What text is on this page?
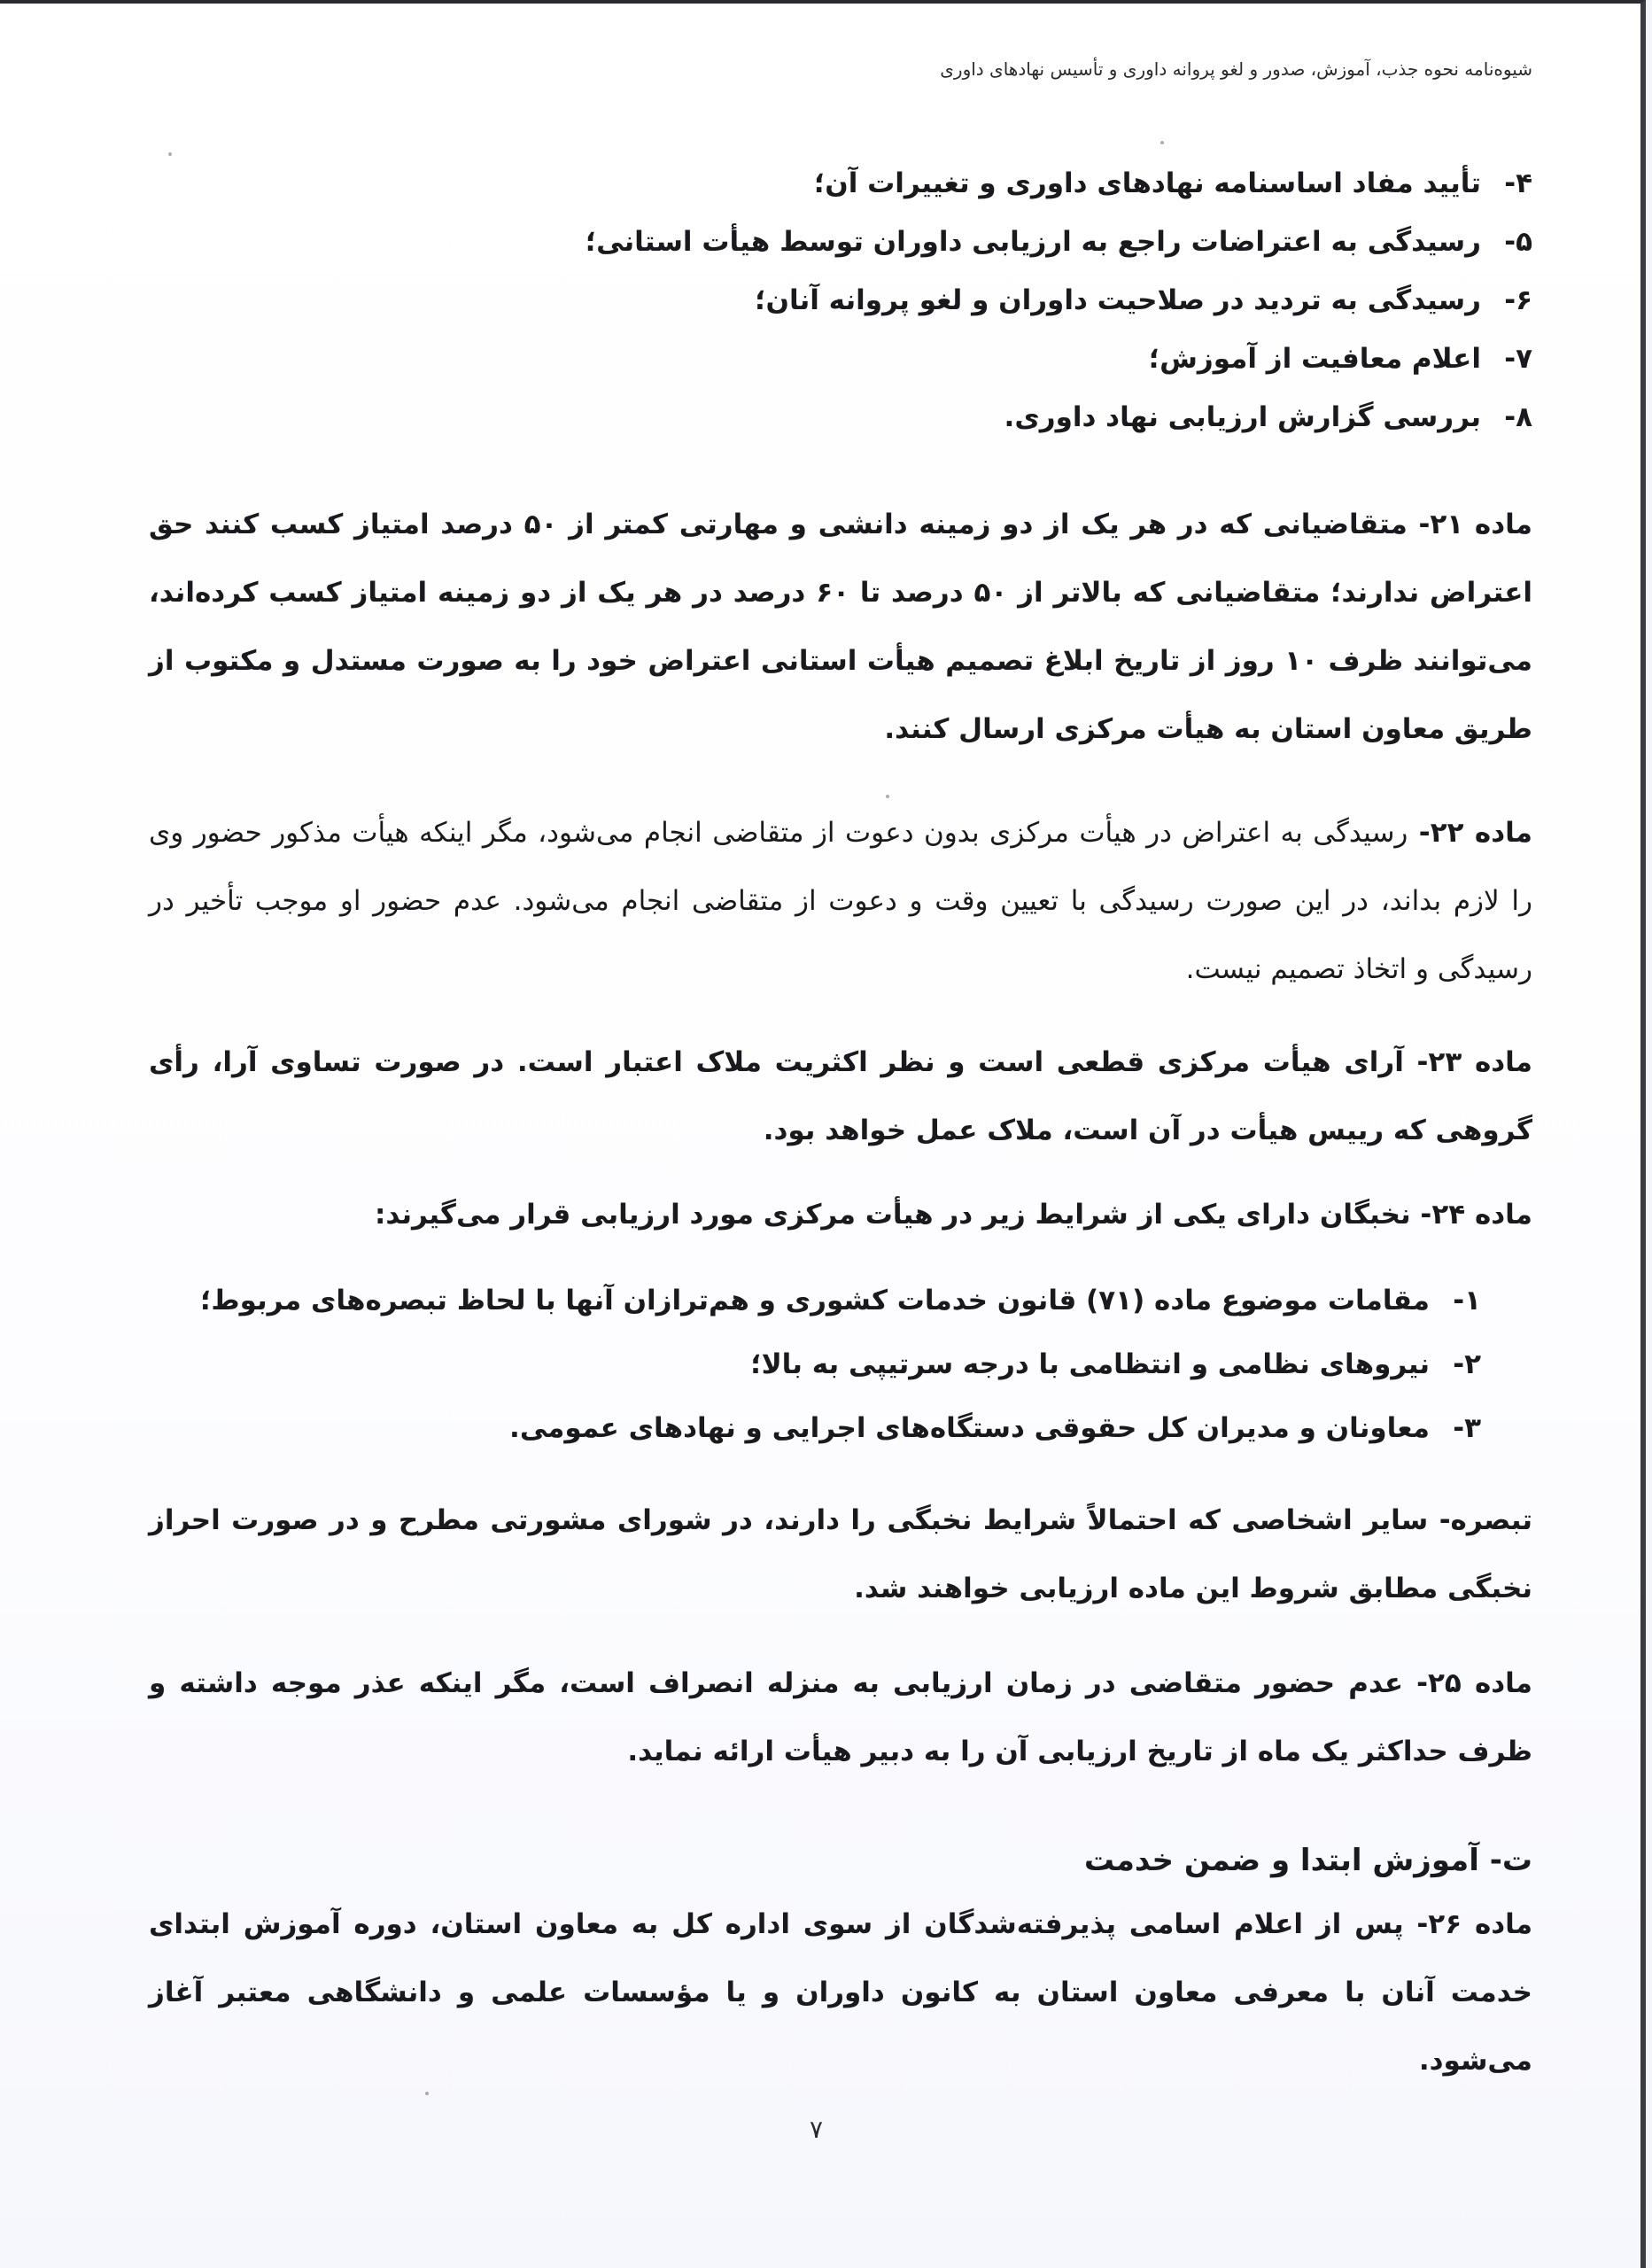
شیوه‌نامه نحوه جذب، آموزش، صدور و لغو پروانه داوری و تأسیس نهادهای داوری
۴-
تأیید مفاد اساسنامه نهادهای داوری و تغییرات آن؛
۵-
رسیدگی به اعتراضات راجع به ارزیابی داوران توسط هیأت استانی؛
۶-
رسیدگی به تردید در صلاحیت داوران و لغو پروانه آنان؛
۷-
اعلام معافیت از آموزش؛
۸-
بررسی گزارش ارزیابی نهاد داوری.

ماده ۲۱- متقاضیانی که در هر یک از دو زمینه دانشی و مهارتی کمتر از ۵۰ درصد امتیاز کسب کنند حق اعتراض ندارند؛ متقاضیانی که بالاتر از ۵۰ درصد تا ۶۰ درصد در هر یک از دو زمینه امتیاز کسب کرده‌اند، می‌توانند ظرف ۱۰ روز از تاریخ ابلاغ تصمیم هیأت استانی اعتراض خود را به صورت مستدل و مکتوب از طریق معاون استان به هیأت مرکزی ارسال کنند.

ماده ۲۲- رسیدگی به اعتراض در هیأت مرکزی بدون دعوت از متقاضی انجام می‌شود، مگر اینکه هیأت مذکور حضور وی را لازم بداند، در این صورت رسیدگی با تعیین وقت و دعوت از متقاضی انجام می‌شود. عدم حضور او موجب تأخیر در رسیدگی و اتخاذ تصمیم نیست.

ماده ۲۳- آرای هیأت مرکزی قطعی است و نظر اکثریت ملاک اعتبار است. در صورت تساوی آرا، رأی گروهی که رییس هیأت در آن است، ملاک عمل خواهد بود.

ماده ۲۴- نخبگان دارای یکی از شرایط زیر در هیأت مرکزی مورد ارزیابی قرار می‌گیرند:

۱-
مقامات موضوع ماده (۷۱) قانون خدمات کشوری و هم‌ترازان آنها با لحاظ تبصره‌های مربوط؛
۲-
نیروهای نظامی و انتظامی با درجه سرتیپی به بالا؛
۳-
معاونان و مدیران کل حقوقی دستگاه‌های اجرایی و نهادهای عمومی.

تبصره- سایر اشخاصی که احتمالاً شرایط نخبگی را دارند، در شورای مشورتی مطرح و در صورت احراز نخبگی مطابق شروط این ماده ارزیابی خواهند شد.

ماده ۲۵- عدم حضور متقاضی در زمان ارزیابی به منزله انصراف است، مگر اینکه عذر موجه داشته و ظرف حداکثر یک ماه از تاریخ ارزیابی آن را به دبیر هیأت ارائه نماید.

ت- آموزش ابتدا و ضمن خدمت

ماده ۲۶- پس از اعلام اسامی پذیرفته‌شدگان از سوی اداره کل به معاون استان، دوره آموزش ابتدای خدمت آنان با معرفی معاون استان به کانون داوران و یا مؤسسات علمی و دانشگاهی معتبر آغاز می‌شود.

۷
